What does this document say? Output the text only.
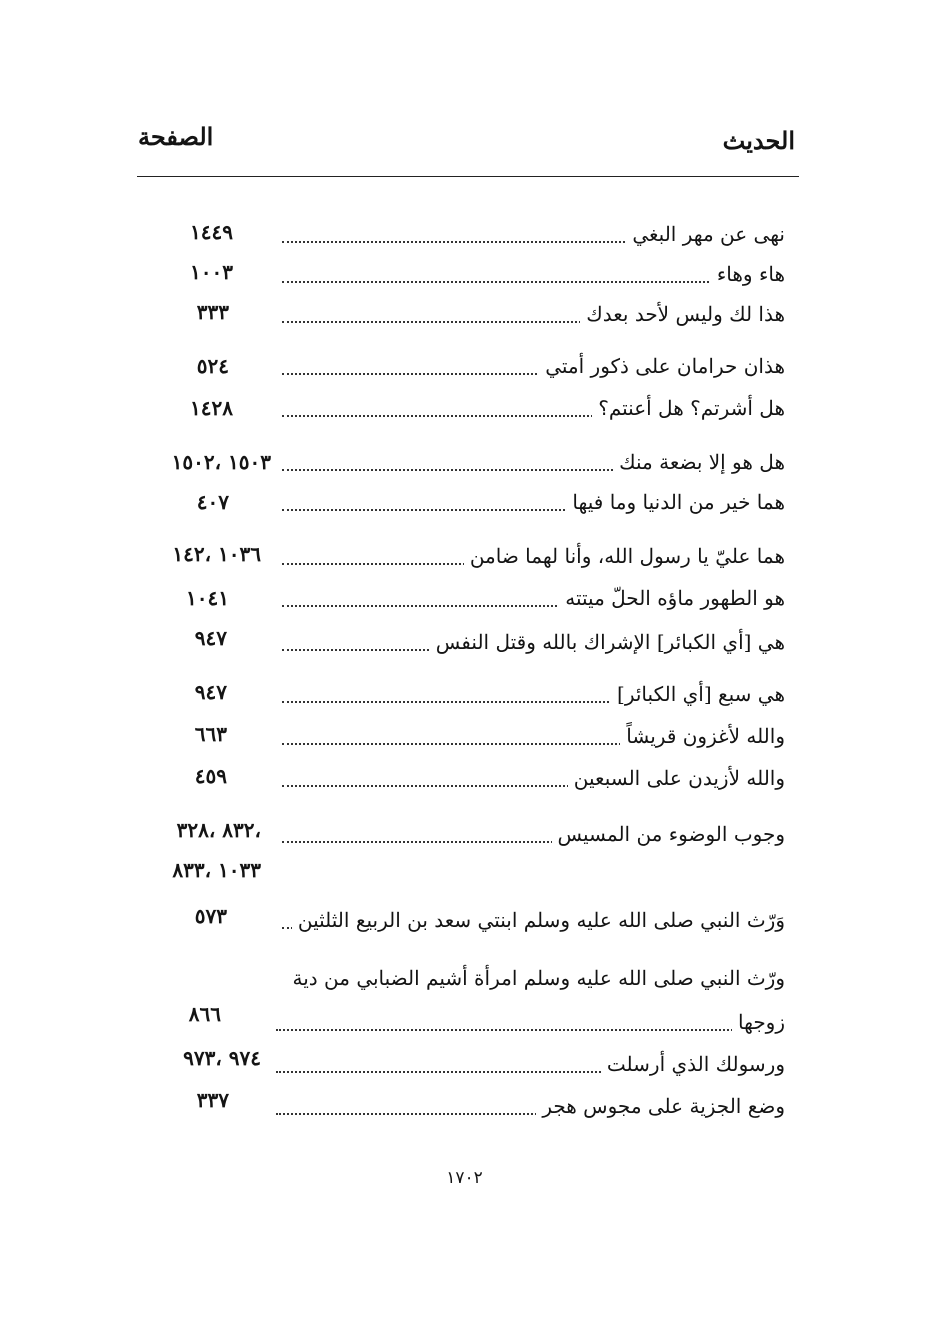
الصفحة	الحديث
نهى عن مهر البغي
١٤٤٩
هاء وهاء
١٠٠٣
هذا لك وليس لأحد بعدك
٣٣٣
هذان حرامان على ذكور أمتي
٥٢٤
هل أشرتم؟ هل أعنتم؟
١٤٢٨
هل هو إلا بضعة منك
١٥٠٣ ،١٥٠٢
هما خير من الدنيا وما فيها
٤٠٧
هما عليّ يا رسول الله، وأنا لهما ضامن
١٠٣٦ ،١٤٢
هو الطهور ماؤه الحلّ ميتته
١٠٤١
هي [أي الكبائر] الإشراك بالله وقتل النفس
٩٤٧
هي سبع [أي الكبائر]
٩٤٧
والله لأغزون قريشاً
٦٦٣
والله لأزيدن على السبعين
٤٥٩
وجوب الوضوء من المسيس
،٨٣٢ ،٣٢٨
١٠٣٣ ،٨٣٣
وَرّث النبي صلى الله عليه وسلم ابنتي سعد بن الربيع الثلثين
٥٧٣
ورّث النبي صلى الله عليه وسلم امرأة أشيم الضبابي من دية
زوجها
٨٦٦
ورسولك الذي أرسلت
٩٧٤ ،٩٧٣
وضع الجزية على مجوس هجر
٣٣٧
١٧٠٢
